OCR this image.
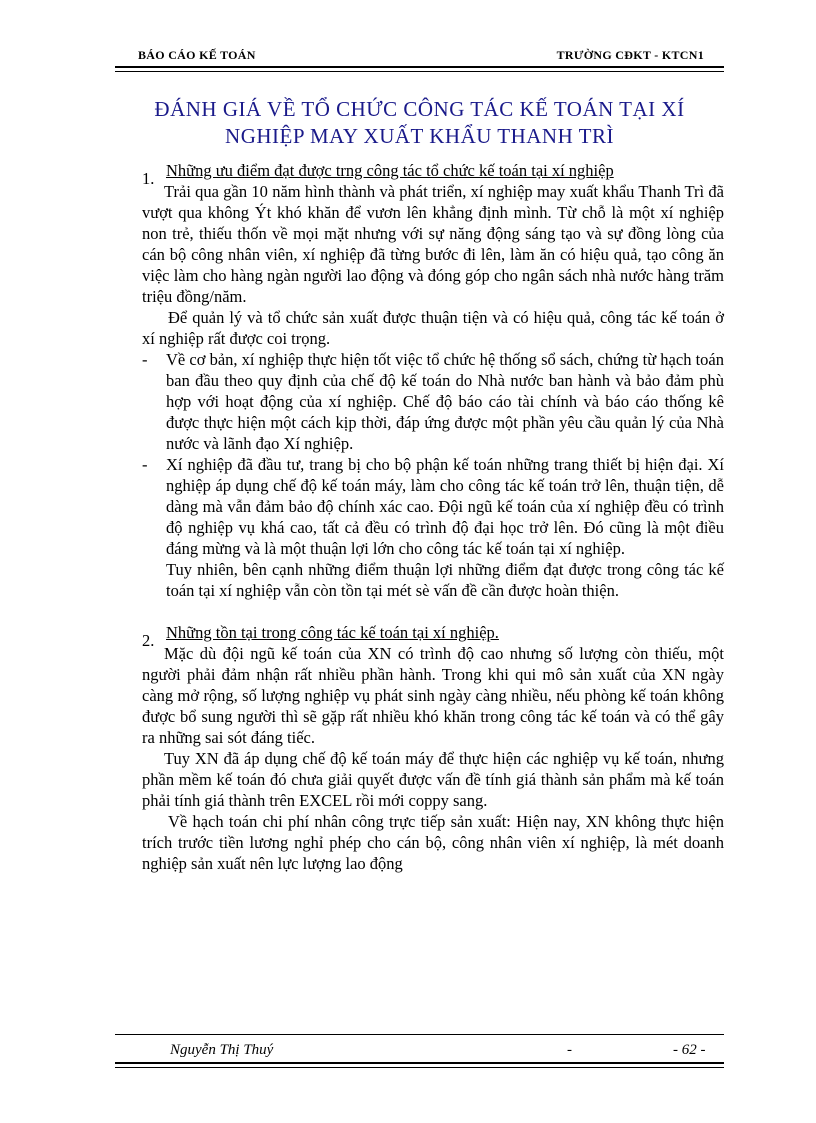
BÁO CÁO KẾ TOÁN	TRƯỜNG CĐKT - KTCN1
ĐÁNH GIÁ VỀ TỔ CHỨC CÔNG TÁC KẾ TOÁN TẠI XÍ
NGHIỆP MAY XUẤT KHẨU THANH TRÌ
1. Những ưu điểm đạt được trng công tác tổ chức kế toán tại xí nghiệp

Trải qua gần 10 năm hình thành và phát triển, xí nghiệp may xuất khẩu Thanh Trì đã vượt qua không Ýt khó khăn để vươn lên khẳng định mình. Từ chỗ là một xí nghiệp non trẻ, thiếu thốn về mọi mặt nhưng với sự năng động sáng tạo và sự đồng lòng của cán bộ công nhân viên, xí nghiệp đã từng bước đi lên, làm ăn có hiệu quả, tạo công ăn việc làm cho hàng ngàn người lao động và đóng góp cho ngân sách nhà nước hàng trăm triệu đồng/năm.

Để quản lý và tổ chức sản xuất được thuận tiện và có hiệu quả, công tác kế toán ở xí nghiệp rất được coi trọng.

- Về cơ bản, xí nghiệp thực hiện tốt việc tổ chức hệ thống sổ sách, chứng từ hạch toán ban đầu theo quy định của chế độ kế toán do Nhà nước ban hành và bảo đảm phù hợp với hoạt động của xí nghiệp. Chế độ báo cáo tài chính và báo cáo thống kê được thực hiện một cách kịp thời, đáp ứng được một phần yêu cầu quản lý của Nhà nước và lãnh đạo Xí nghiệp.
- Xí nghiệp đã đầu tư, trang bị cho bộ phận kế toán những trang thiết bị hiện đại. Xí nghiệp áp dụng chế độ kế toán máy, làm cho công tác kế toán trở lên, thuận tiện, dễ dàng mà vẫn đảm bảo độ chính xác cao. Đội ngũ kế toán của xí nghiệp đều có trình độ nghiệp vụ khá cao, tất cả đều có trình độ đại học trở lên. Đó cũng là một điều đáng mừng và là một thuận lợi lớn cho công tác kế toán tại xí nghiệp.
Tuy nhiên, bên cạnh những điểm thuận lợi những điểm đạt được trong công tác kế toán tại xí nghiệp vẫn còn tồn tại mét sè vấn đề cần được hoàn thiện.
2. Những tồn tại trong công tác kế toán tại xí nghiệp.

Mặc dù đội ngũ kế toán của XN có trình độ cao nhưng số lượng còn thiếu, một người phải đảm nhận rất nhiều phần hành. Trong khi qui mô sản xuất của XN ngày càng mở rộng, số lượng nghiệp vụ phát sinh ngày càng nhiều, nếu phòng kế toán không được bổ sung người thì sẽ gặp rất nhiều khó khăn trong công tác kế toán và có thể gây ra những sai sót đáng tiếc.

Tuy XN đã áp dụng chế độ kế toán máy để thực hiện các nghiệp vụ kế toán, nhưng phần mềm kế toán đó chưa giải quyết được vấn đề tính giá thành sản phẩm mà kế toán phải tính giá thành trên EXCEL rồi mới coppy sang.

Về hạch toán chi phí nhân công trực tiếp sản xuất: Hiện nay, XN không thực hiện trích trước tiền lương nghỉ phép cho cán bộ, công nhân viên xí nghiệp, là mét doanh nghiệp sản xuất nên lực lượng lao động

Nguyễn Thị Thuý	-	- 62 -
